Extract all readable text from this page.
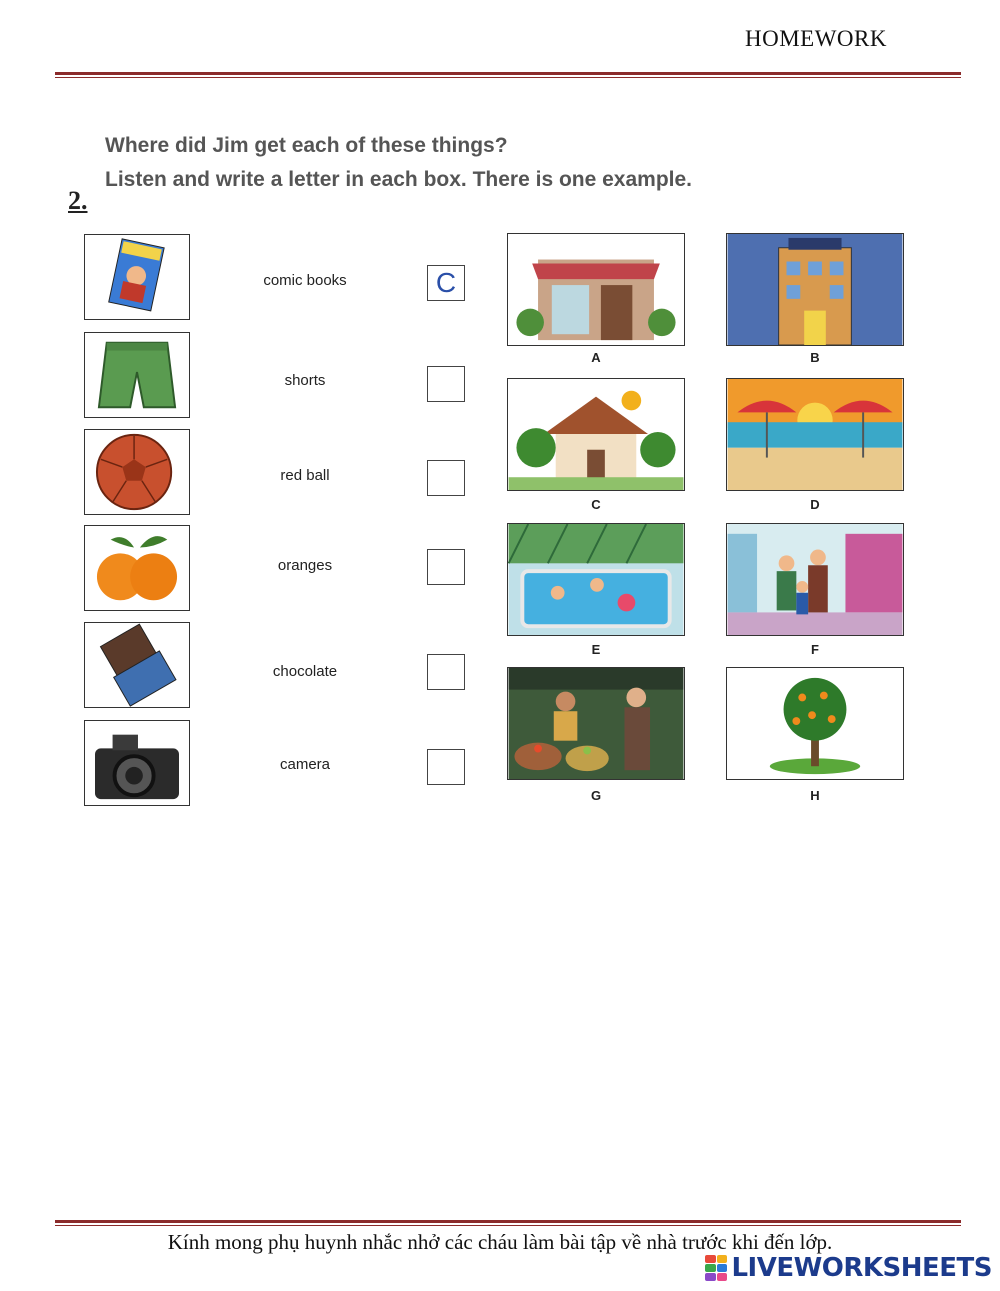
HOMEWORK
Where did Jim get each of these things?
Listen and write a letter in each box. There is one example.
2.
comic books
shorts
red ball
oranges
chocolate
camera
C
A	B
C	D
E	F
G	H
Kính mong phụ huynh nhắc nhở các cháu làm bài tập về nhà trước khi đến lớp.
LIVEWORKSHEETS
